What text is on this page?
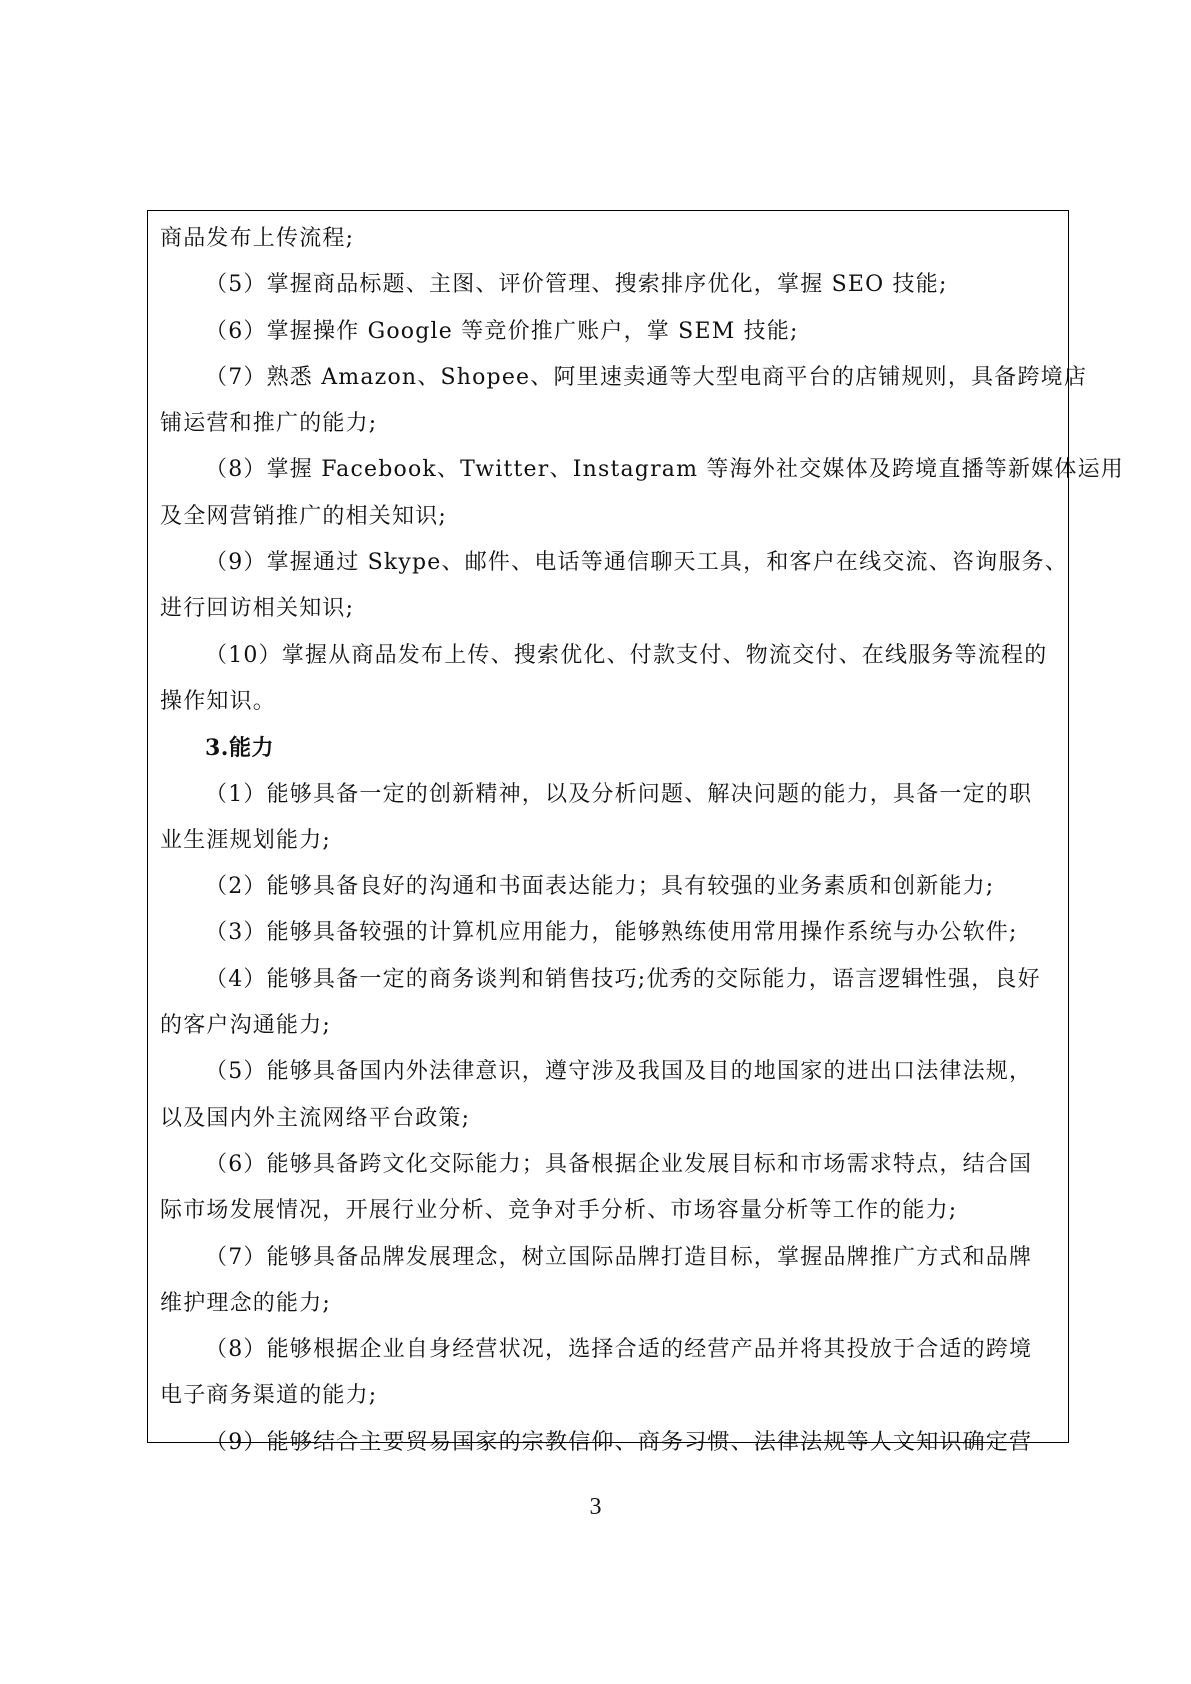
商品发布上传流程;
（5）掌握商品标题、主图、评价管理、搜索排序优化，掌握 SEO 技能;
（6）掌握操作 Google 等竞价推广账户，掌 SEM 技能;
（7）熟悉 Amazon、Shopee、阿里速卖通等大型电商平台的店铺规则，具备跨境店
铺运营和推广的能力;
（8）掌握 Facebook、Twitter、Instagram 等海外社交媒体及跨境直播等新媒体运用
及全网营销推广的相关知识;
（9）掌握通过 Skype、邮件、电话等通信聊天工具，和客户在线交流、咨询服务、
进行回访相关知识;
（10）掌握从商品发布上传、搜索优化、付款支付、物流交付、在线服务等流程的
操作知识。
3.能力
（1）能够具备一定的创新精神，以及分析问题、解决问题的能力，具备一定的职
业生涯规划能力;
（2）能够具备良好的沟通和书面表达能力；具有较强的业务素质和创新能力;
（3）能够具备较强的计算机应用能力，能够熟练使用常用操作系统与办公软件;
（4）能够具备一定的商务谈判和销售技巧;优秀的交际能力，语言逻辑性强，良好
的客户沟通能力;
（5）能够具备国内外法律意识，遵守涉及我国及目的地国家的进出口法律法规，
以及国内外主流网络平台政策;
（6）能够具备跨文化交际能力；具备根据企业发展目标和市场需求特点，结合国
际市场发展情况，开展行业分析、竞争对手分析、市场容量分析等工作的能力;
（7）能够具备品牌发展理念，树立国际品牌打造目标，掌握品牌推广方式和品牌
维护理念的能力;
（8）能够根据企业自身经营状况，选择合适的经营产品并将其投放于合适的跨境
电子商务渠道的能力;
（9）能够结合主要贸易国家的宗教信仰、商务习惯、法律法规等人文知识确定营
3
